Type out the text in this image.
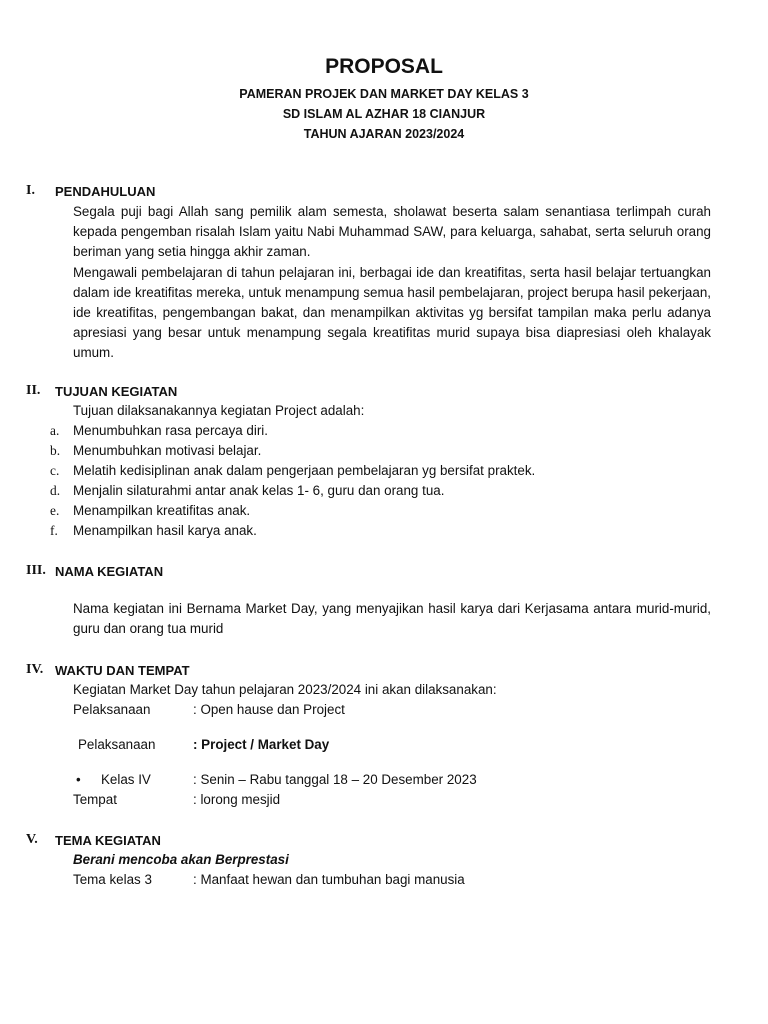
PROPOSAL
PAMERAN PROJEK DAN MARKET DAY KELAS 3
SD ISLAM AL AZHAR 18 CIANJUR
TAHUN AJARAN 2023/2024
I. PENDAHULUAN

Segala puji bagi Allah sang pemilik alam semesta, sholawat beserta salam senantiasa terlimpah curah kepada pengemban risalah Islam yaitu Nabi Muhammad SAW, para keluarga, sahabat, serta seluruh orang beriman yang setia hingga akhir zaman.

Mengawali pembelajaran di tahun pelajaran ini, berbagai ide dan kreatifitas, serta hasil belajar tertuangkan dalam ide kreatifitas mereka, untuk menampung semua hasil pembelajaran, project berupa hasil pekerjaan, ide kreatifitas, pengembangan bakat, dan menampilkan aktivitas yg bersifat tampilan maka perlu adanya apresiasi yang besar untuk menampung segala kreatifitas murid supaya bisa diapresiasi oleh khalayak umum.

II. TUJUAN KEGIATAN
Tujuan dilaksanakannya kegiatan Project adalah:
a. Menumbuhkan rasa percaya diri.
b. Menumbuhkan motivasi belajar.
c. Melatih kedisiplinan anak dalam pengerjaan pembelajaran yg bersifat praktek.
d. Menjalin silaturahmi antar anak kelas 1- 6, guru dan orang tua.
e. Menampilkan kreatifitas anak.
f. Menampilkan hasil karya anak.
III. NAMA KEGIATAN

Nama kegiatan ini Bernama Market Day, yang menyajikan hasil karya dari Kerjasama antara murid-murid, guru dan orang tua murid

IV. WAKTU DAN TEMPAT
Kegiatan Market Day tahun pelajaran 2023/2024 ini akan dilaksanakan:
Pelaksanaan	: Open hause dan Project
Pelaksanaan	: Project / Market Day
• Kelas IV	: Senin – Rabu tanggal 18 – 20 Desember 2023
Tempat	: lorong mesjid
V. TEMA KEGIATAN
Berani mencoba akan Berprestasi
Tema kelas 3	: Manfaat hewan dan tumbuhan bagi manusia
